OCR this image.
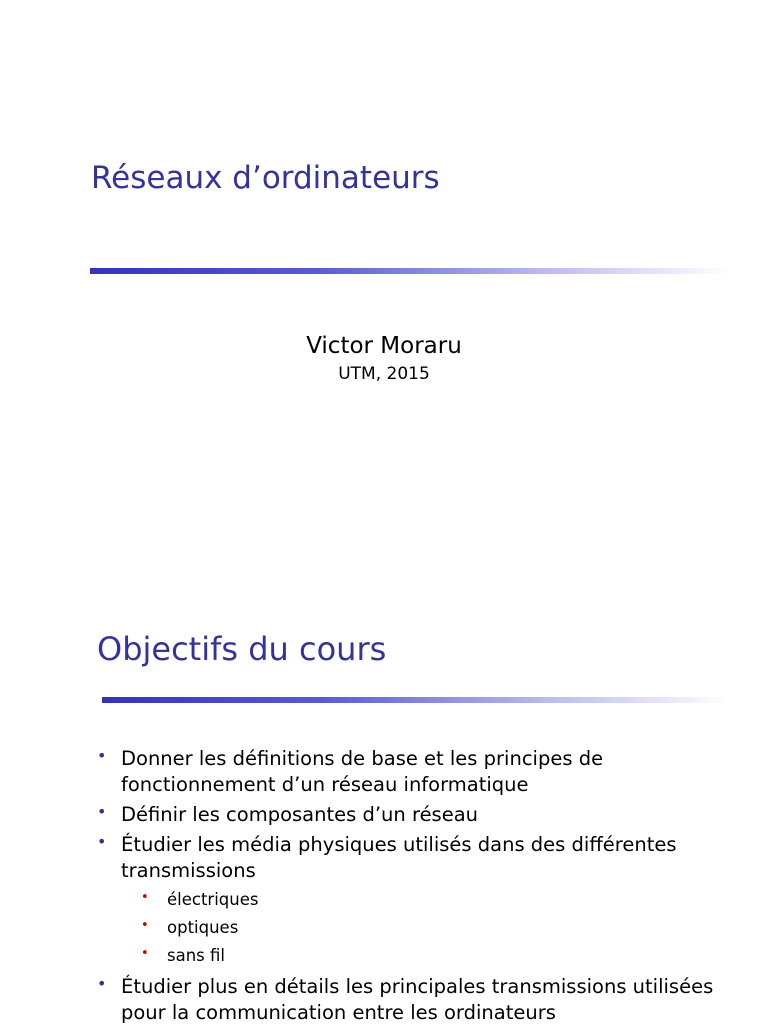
Réseaux d’ordinateurs
Victor Moraru
UTM, 2015
Objectifs du cours
• Donner les définitions de base et les principes de fonctionnement d’un réseau informatique
• Définir les composantes d’un réseau
• Étudier les média physiques utilisés dans des différentes transmissions
• électriques
• optiques
• sans fil
• Étudier plus en détails les principales transmissions utilisées pour la communication entre les ordinateurs
